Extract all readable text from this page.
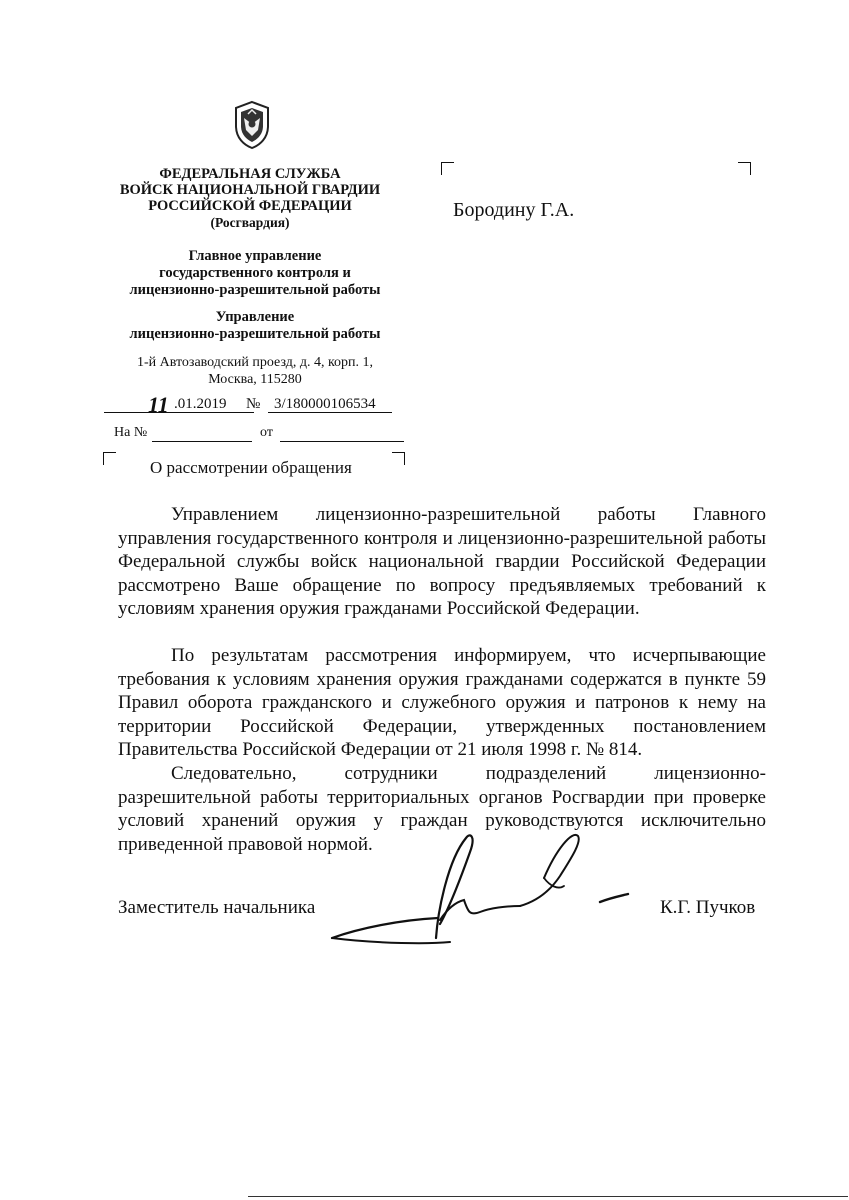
ФЕДЕРАЛЬНАЯ СЛУЖБА
ВОЙСК НАЦИОНАЛЬНОЙ ГВАРДИИ
РОССИЙСКОЙ ФЕДЕРАЦИИ
(Росгвардия)
Главное управление
государственного контроля и
лицензионно-разрешительной работы
Управление
лицензионно-разрешительной работы
1-й Автозаводский проезд, д. 4, корп. 1,
Москва, 115280
11 .01.2019 № 3/180000106534
На №	от
О рассмотрении обращения
Бородину Г.А.
Управлением лицензионно-разрешительной работы Главного управления государственного контроля и лицензионно-разрешительной работы Федеральной службы войск национальной гвардии Российской Федерации рассмотрено Ваше обращение по вопросу предъявляемых требований к условиям хранения оружия гражданами Российской Федерации.
По результатам рассмотрения информируем, что исчерпывающие требования к условиям хранения оружия гражданами содержатся в пункте 59 Правил оборота гражданского и служебного оружия и патронов к нему на территории Российской Федерации, утвержденных постановлением Правительства Российской Федерации от 21 июля 1998 г. № 814.
Следовательно, сотрудники подразделений лицензионно-разрешительной работы территориальных органов Росгвардии при проверке условий хранений оружия у граждан руководствуются исключительно приведенной правовой нормой.
Заместитель начальника	К.Г. Пучков
